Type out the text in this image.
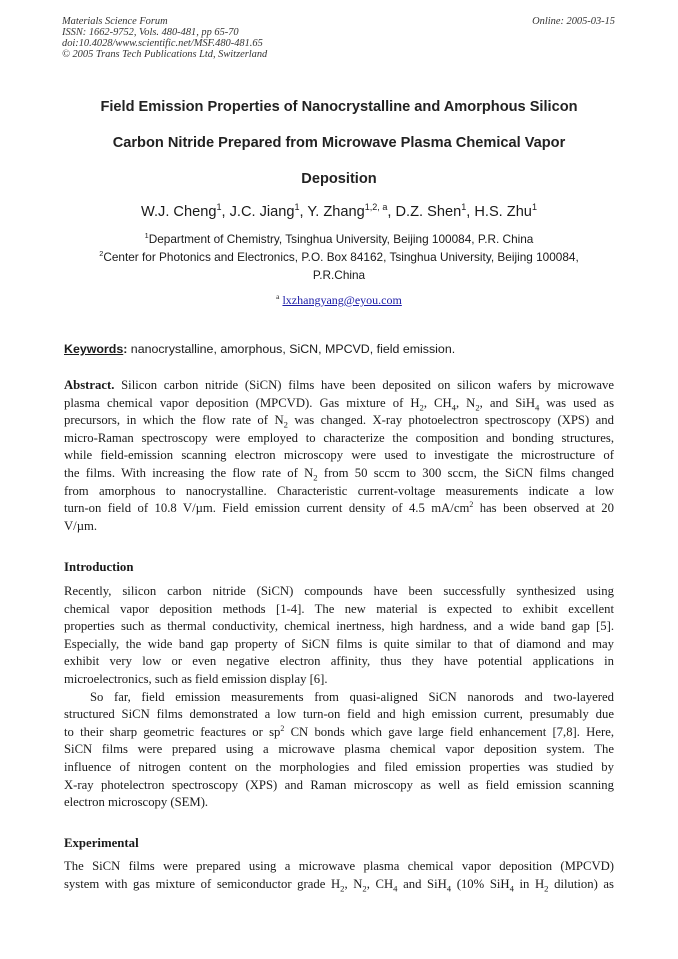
Materials Science Forum
ISSN: 1662-9752, Vols. 480-481, pp 65-70
doi:10.4028/www.scientific.net/MSF.480-481.65
© 2005 Trans Tech Publications Ltd, Switzerland
Online: 2005-03-15
Field Emission Properties of Nanocrystalline and Amorphous Silicon
Carbon Nitride Prepared from Microwave Plasma Chemical Vapor
Deposition
W.J. Cheng$^1$, J.C. Jiang$^1$, Y. Zhang$^{1,2, a}$, D.Z. Shen$^1$, H.S. Zhu$^1$
$^1$Department of Chemistry, Tsinghua University, Beijing 100084, P.R. China
$^2$Center for Photonics and Electronics, P.O. Box 84162, Tsinghua University, Beijing 100084,
P.R.China
$^a$ lxzhangyang@eyou.com
Keywords: nanocrystalline, amorphous, SiCN, MPCVD, field emission.
Abstract. Silicon carbon nitride (SiCN) films have been deposited on silicon wafers by microwave
plasma chemical vapor deposition (MPCVD). Gas mixture of $H_2$, $CH_4$, $N_2$, and SiH$_4$ was used as
precursors, in which the flow rate of $N_2$ was changed. X-ray photoelectron spectroscopy (XPS) and
micro-Raman spectroscopy were employed to characterize the composition and bonding structures,
while field-emission scanning electron microscopy were used to investigate the microstructure of
the films. With increasing the flow rate of $N_2$ from 50 sccm to 300 sccm, the SiCN films changed
from amorphous to nanocrystalline. Characteristic current-voltage measurements indicate a low
turn-on field of 10.8 V/µm. Field emission current density of 4.5 $mA/cm^2$ has been observed at 20
V/µm.
Introduction
Recently, silicon carbon nitride (SiCN) compounds have been successfully synthesized using
chemical vapor deposition methods [1-4]. The new material is expected to exhibit excellent
properties such as thermal conductivity, chemical inertness, high hardness, and a wide band gap [5].
Especially, the wide band gap property of SiCN films is quite similar to that of diamond and may
exhibit very low or even negative electron affinity, thus they have potential applications in
microelectronics, such as field emission display [6].
So far, field emission measurements from quasi-aligned SiCN nanorods and two-layered
structured SiCN films demonstrated a low turn-on field and high emission current, presumably due
to their sharp geometric feactures or $sp^2$ CN bonds which gave large field enhancement [7,8]. Here,
SiCN films were prepared using a microwave plasma chemical vapor deposition system. The
influence of nitrogen content on the morphologies and filed emission properties was studied by
X-ray photelectron spectroscopy (XPS) and Raman microscopy as well as field emission scanning
electron microscopy (SEM).
Experimental
The SiCN films were prepared using a microwave plasma chemical vapor deposition (MPCVD)
system with gas mixture of semiconductor grade $H_2$, $N_2$, $CH_4$ and SiH$_4$ (10% SiH$_4$ in $H_2$ dilution) as
